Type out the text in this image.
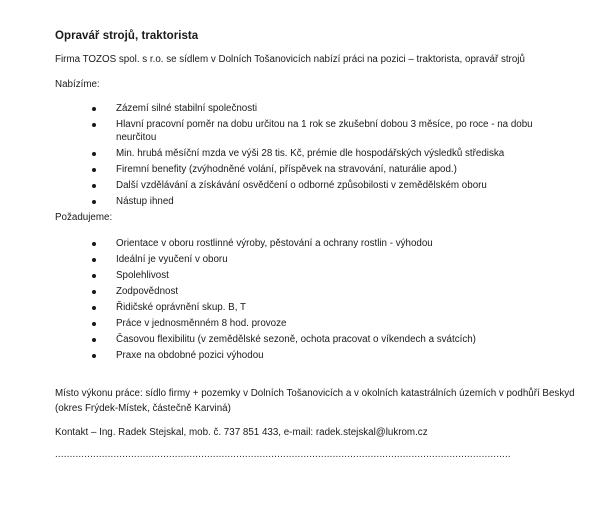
Opravář strojů, traktorista
Firma TOZOS spol. s r.o. se sídlem v Dolních Tošanovicích nabízí práci na pozici – traktorista, opravář strojů
Nabízíme:
Zázemí silné stabilní společnosti
Hlavní pracovní poměr na dobu určitou na 1 rok se zkušební dobou 3 měsíce, po roce - na dobu neurčitou
Min. hrubá měsíční mzda ve výši 28 tis. Kč, prémie dle hospodářských výsledků střediska
Firemní benefity (zvýhodněné volání, příspěvek na stravování, naturálie apod.)
Další vzdělávání a získávání osvědčení o odborné způsobilosti v zemědělském oboru
Nástup ihned
Požadujeme:
Orientace v oboru rostlinné výroby, pěstování a ochrany rostlin - výhodou
Ideální je vyučení v oboru
Spolehlivost
Zodpovědnost
Řidičské oprávnění skup. B, T
Práce v jednosměnném 8 hod. provoze
Časovou flexibilitu (v zemědělské sezoně, ochota pracovat o víkendech a svátcích)
Praxe na obdobné pozici výhodou
Místo výkonu práce: sídlo firmy + pozemky v Dolních Tošanovicích a v okolních katastrálních územích v podhůří Beskyd (okres Frýdek-Místek, částečně Karviná)
Kontakt – Ing. Radek Stejskal, mob. č. 737 851 433, e-mail: radek.stejskal@lukrom.cz
............................................................................................................................................................
